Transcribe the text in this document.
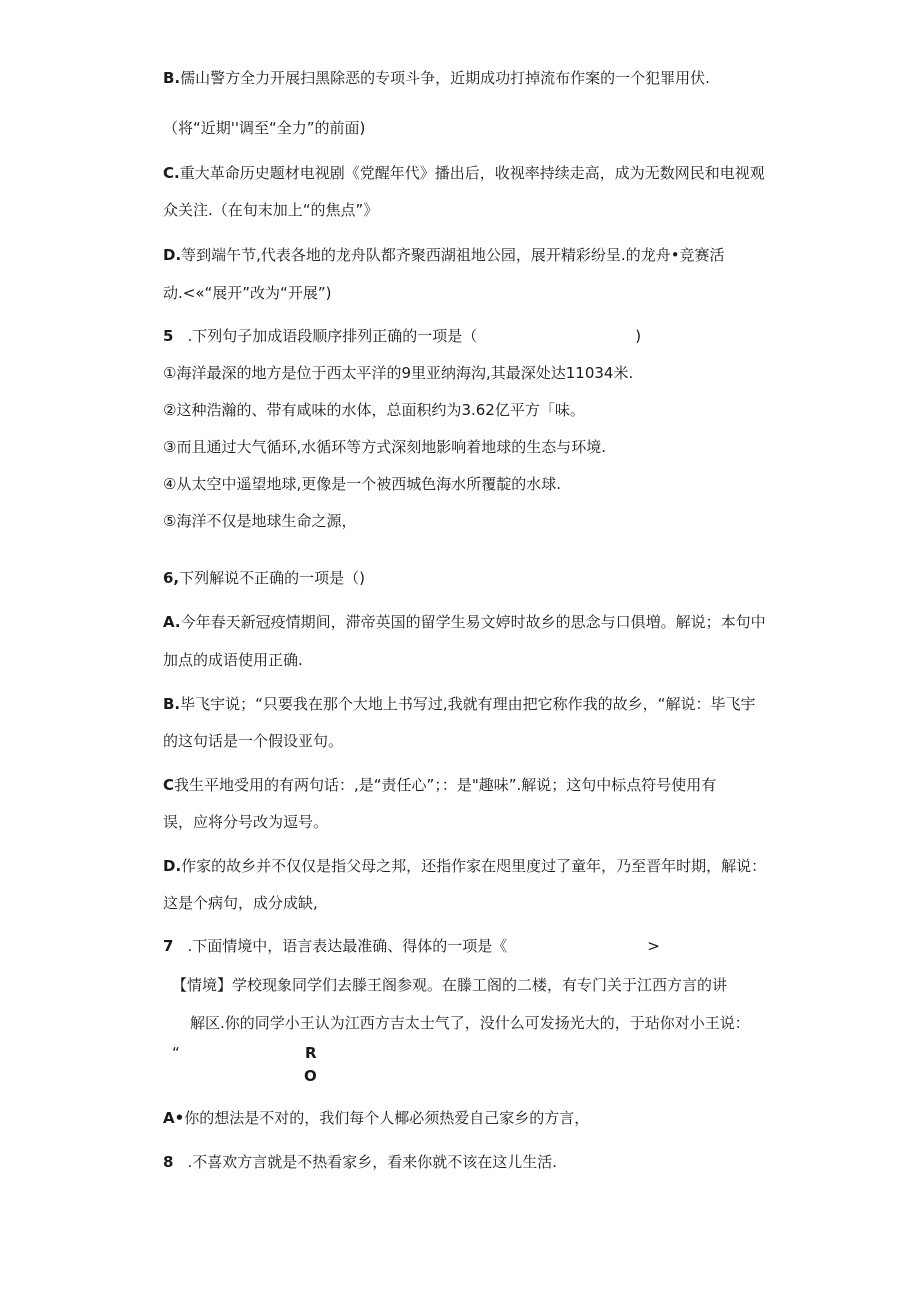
B.儒山警方全力开展扫黑除恶的专项斗争，近期成功打掉流布作案的一个犯罪用伏.
（将“近期''调至“全力”的前面)
C.重大革命历史题材电视剧《党醒年代》播出后，收视率持续走高，成为无数网民和电视观
众关注.（在旬末加上“的焦点”》
D.等到端午节,代表各地的龙舟队都齐聚西湖祖地公园，展开精彩纷呈.的龙舟•竞赛活
动.<«“展开”改为“开展”)
5 .下列句子加成语段顺序排列正确的一项是（	)
①海洋最深的地方是位于西太平洋的9里亚纳海沟,其最深处达11034米.
②这种浩瀚的、带有咸味的水体，总面积约为3.62亿平方「味。
③而且通过大气循环,水循环等方式深刻地影响着地球的生态与环境.
④从太空中遥望地球,更像是一个被西城色海水所覆靛的水球.
⑤海洋不仅是地球生命之源，
6,下列解说不正确的一项是（)
A.今年春天新冠疫情期间，滞帝英国的留学生易文婷时故乡的思念与口俱増。解说；本句中
加点的成语使用正确.
B.毕飞宇说；“只要我在那个大地上书写过,我就有理由把它称作我的故乡，“解说：毕飞宇
的这句话是一个假设亚句。
C我生平地受用的有两句话：,是“责任心”；：是"趣味”.解说；这句中标点符号使用有
误，应将分号改为逗号。
D.作家的故乡并不仅仅是指父母之邦，还指作家在咫里度过了童年，乃至晋年时期，解说：
这是个病句，成分成缺,
7 .下面情境中，语言表达最准确、得体的一项是《	>
【情境】学校现象同学们去滕王阁参观。在滕工阁的二楼，有专门关于江西方言的讲
解区.你的同学小王认为江西方吉太士气了，没什么可发扬光大的，于玷你对小王说：
“	R
O
A•你的想法是不对的，我们每个人椰必须热爱自己家乡的方言，
8 .不喜欢方言就是不热看家乡，看来你就不该在这儿生活.
